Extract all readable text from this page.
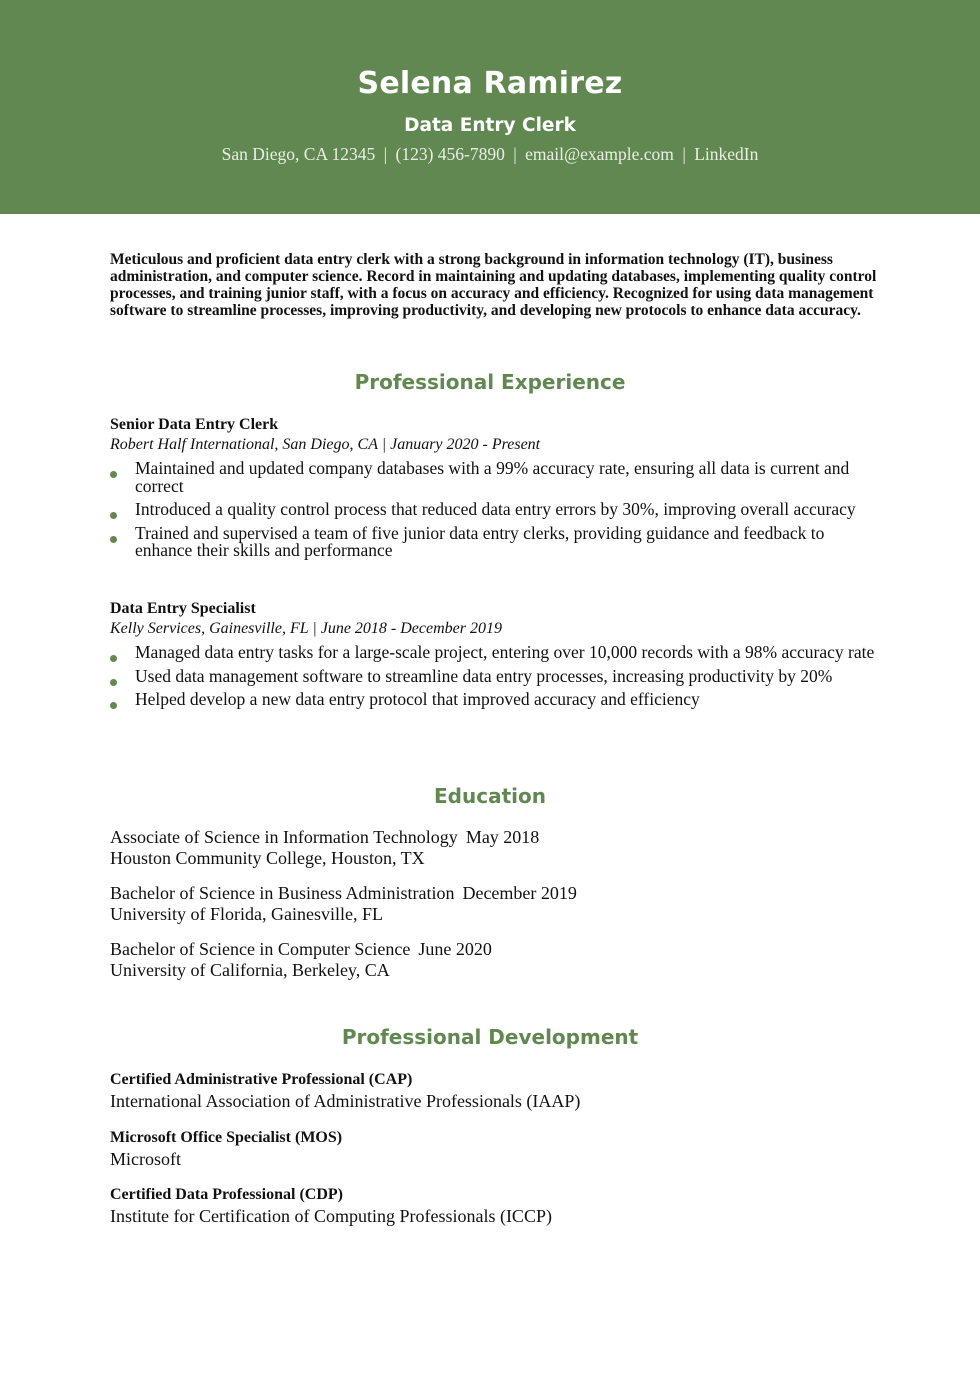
Selena Ramirez
Data Entry Clerk
San Diego, CA 12345 | (123) 456-7890 | email@example.com | LinkedIn
Meticulous and proficient data entry clerk with a strong background in information technology (IT), business administration, and computer science. Record in maintaining and updating databases, implementing quality control processes, and training junior staff, with a focus on accuracy and efficiency. Recognized for using data management software to streamline processes, improving productivity, and developing new protocols to enhance data accuracy.
Professional Experience
Senior Data Entry Clerk
Robert Half International, San Diego, CA | January 2020 - Present
Maintained and updated company databases with a 99% accuracy rate, ensuring all data is current and correct
Introduced a quality control process that reduced data entry errors by 30%, improving overall accuracy
Trained and supervised a team of five junior data entry clerks, providing guidance and feedback to enhance their skills and performance
Data Entry Specialist
Kelly Services, Gainesville, FL | June 2018 - December 2019
Managed data entry tasks for a large-scale project, entering over 10,000 records with a 98% accuracy rate
Used data management software to streamline data entry processes, increasing productivity by 20%
Helped develop a new data entry protocol that improved accuracy and efficiency
Education
Associate of Science in Information Technology May 2018
Houston Community College, Houston, TX
Bachelor of Science in Business Administration December 2019
University of Florida, Gainesville, FL
Bachelor of Science in Computer Science June 2020
University of California, Berkeley, CA
Professional Development
Certified Administrative Professional (CAP)
International Association of Administrative Professionals (IAAP)
Microsoft Office Specialist (MOS)
Microsoft
Certified Data Professional (CDP)
Institute for Certification of Computing Professionals (ICCP)
